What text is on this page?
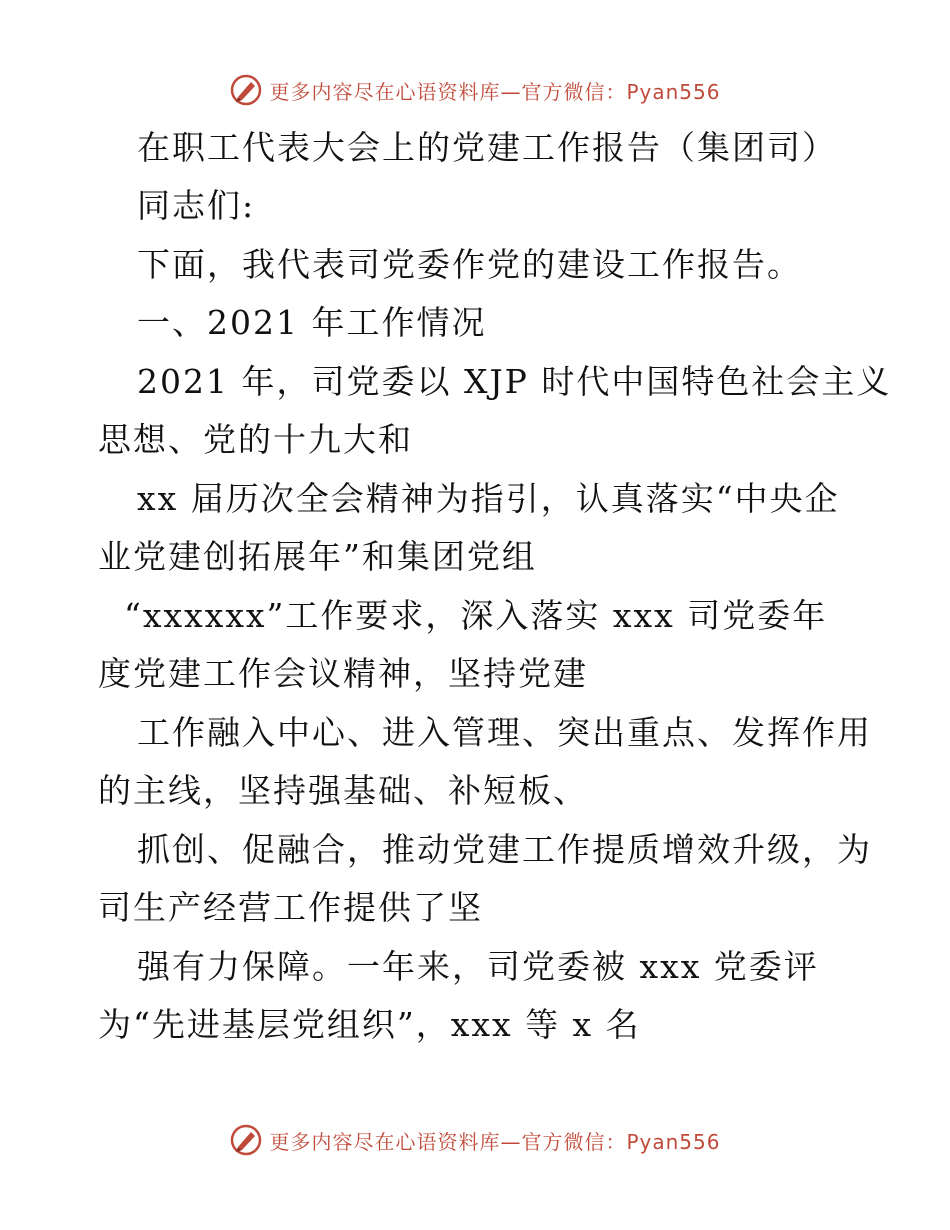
更多内容尽在心语资料库—官方微信：Pyan556
在职工代表大会上的党建工作报告（集团司）
同志们:
下面，我代表司党委作党的建设工作报告。
一、2021 年工作情况
2021 年，司党委以 XJP 时代中国特色社会主义
思想、党的十九大和
xx 届历次全会精神为指引，认真落实“中央企
业党建创拓展年”和集团党组
“xxxxxx”工作要求，深入落实 xxx 司党委年
度党建工作会议精神，坚持党建
工作融入中心、进入管理、突出重点、发挥作用
的主线，坚持强基础、补短板、
抓创、促融合，推动党建工作提质增效升级，为
司生产经营工作提供了坚
强有力保障。一年来，司党委被 xxx 党委评
为“先进基层党组织”，xxx 等 x 名
更多内容尽在心语资料库—官方微信：Pyan556
